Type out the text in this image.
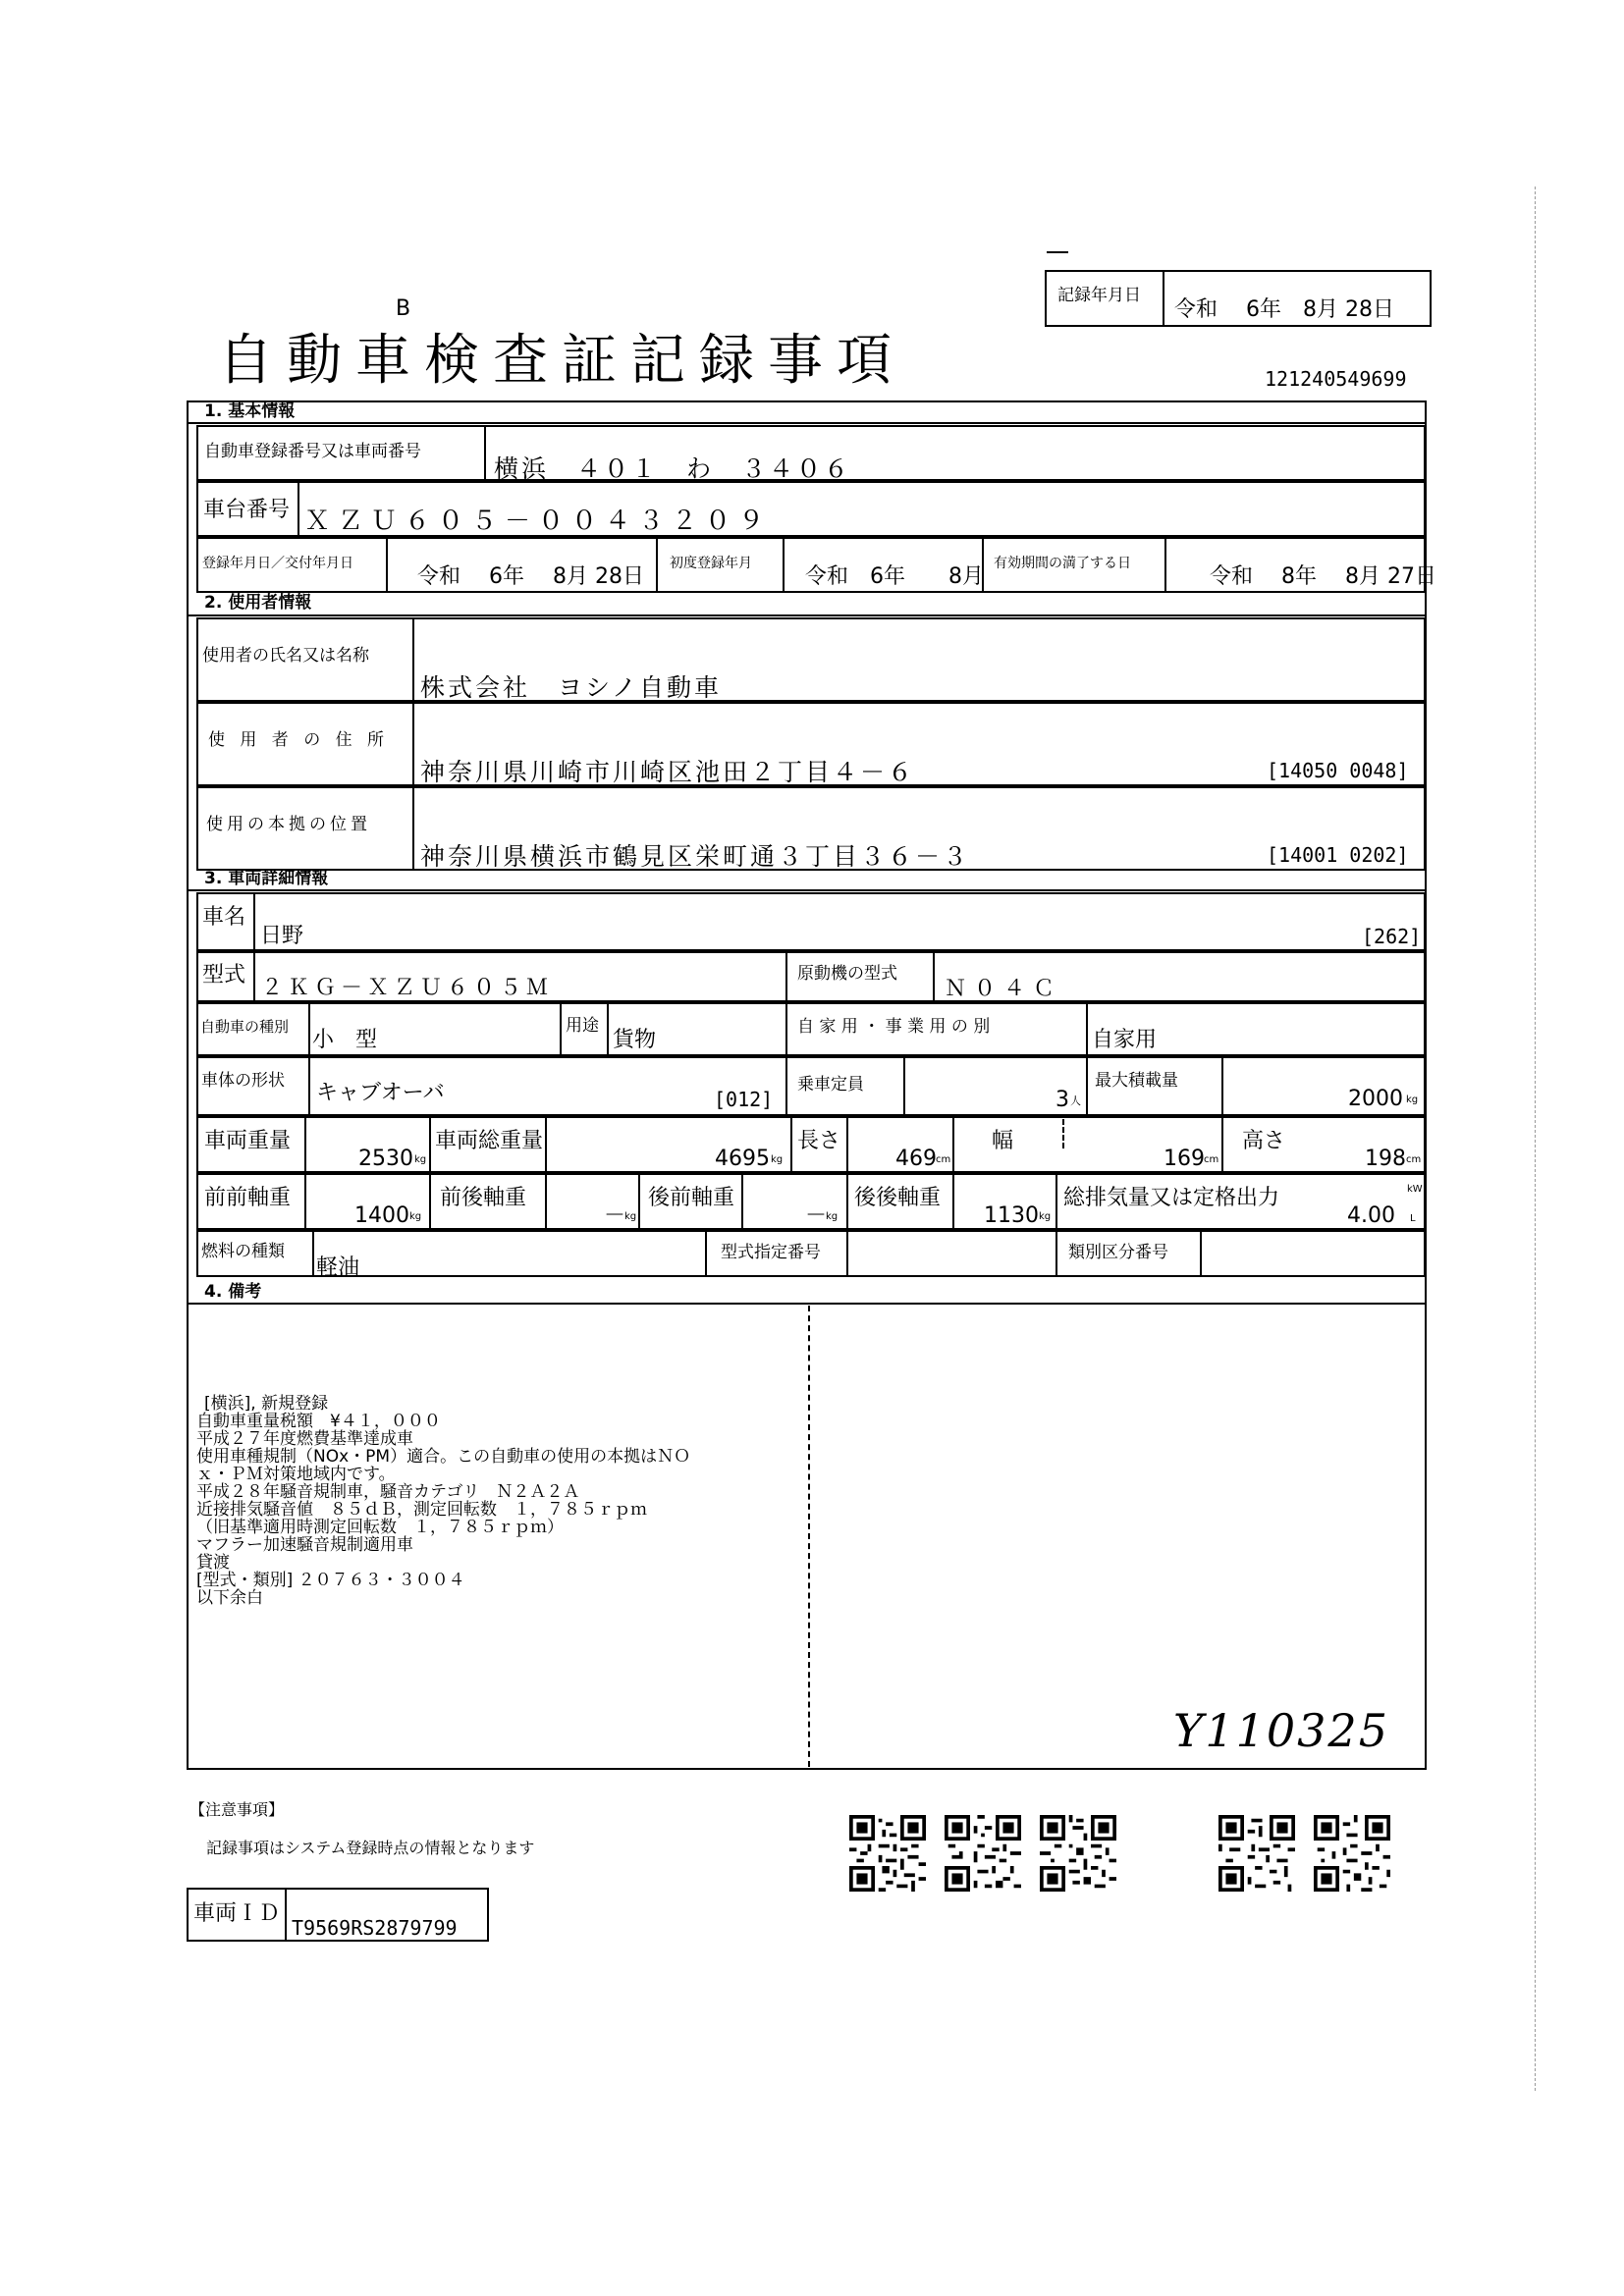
B
記録年月日
令和　 6年　8月 28日
自動車検査証記録事項	121240549699
1. 基本情報
自動車登録番号又は車両番号
横浜　４０１　わ　３４０６
車台番号 ＸＺＵ６０５－００４３２０９
登録年月日／交付年月日
令和　 6年　 8月 28日
初度登録年月
令和　6年　　8月
有効期間の満了する日
令和　 8年　 8月 27日
2. 使用者情報
使用者の氏名又は名称
株式会社　ヨシノ自動車
使 用 者 の 住 所
神奈川県川崎市川崎区池田２丁目４－６	[14050 0048]
使用の本拠の位置
神奈川県横浜市鶴見区栄町通３丁目３６－３	[14001 0202]
3. 車両詳細情報
車名
日野	[262]
型式
２ＫＧ－ＸＺＵ６０５Ｍ
原動機の型式
Ｎ０４Ｃ
自動車の種別
小　型
用途
貨物
自 家 用 ・ 事 業 用 の 別
自家用
車体の形状 キャブオーバ	[012]
乗車定員
3 人
最大積載量
2000 kg
車両重量
2530 kg
車両総重量
4695 kg
長さ
469 cm
幅
169 cm
高さ
198 cm
前前軸重
1400 kg
前後軸重
－
kg
後前軸重
－
kg
後後軸重
1130 kg
総排気量又は定格出力
4.00
kW
L
燃料の種類
軽油
型式指定番号	類別区分番号
4. 備考
[横浜], 新規登録
自動車重量税額　¥４１，０００
平成２７年度燃費基準達成車
使用車種規制（NOx・PM）適合。この自動車の使用の本拠はＮＯ
ｘ・ＰＭ対策地域内です。
平成２８年騒音規制車，騒音カテゴリ　Ｎ２Ａ２Ａ
近接排気騒音値　８５ｄＢ，測定回転数　１，７８５ｒｐｍ
（旧基準適用時測定回転数　１，７８５ｒｐｍ）
マフラー加速騒音規制適用車
貸渡
[型式・類別] ２０７６３・３００４
以下余白
Y110325
【注意事項】
記録事項はシステム登録時点の情報となります
車両ＩＤ
T9569RS2879799
